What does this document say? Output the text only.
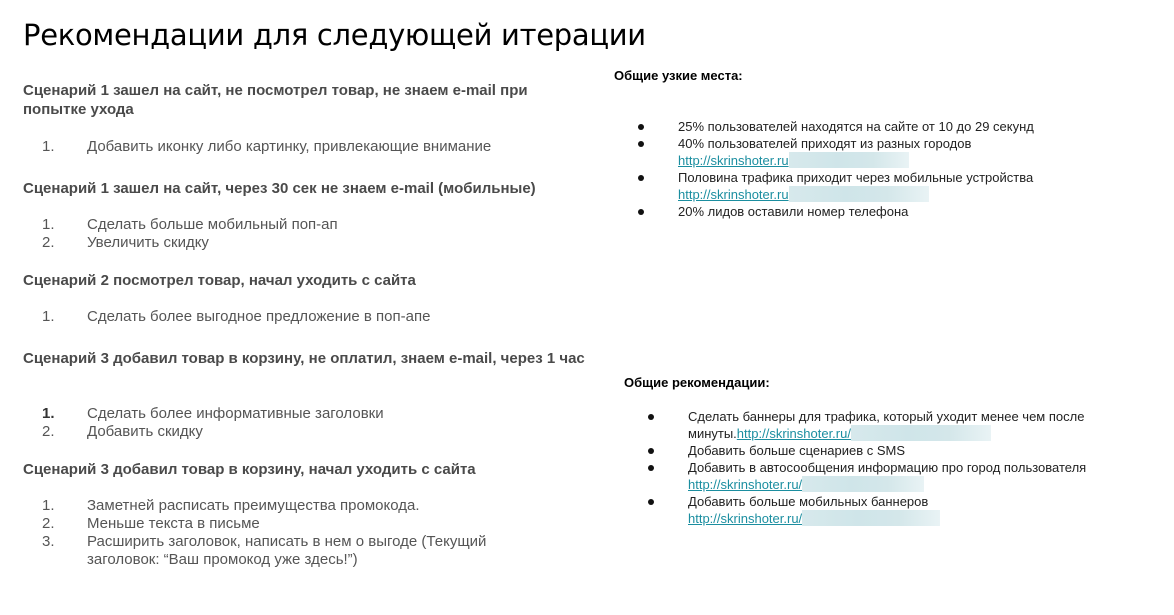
Рекомендации для следующей итерации

Сценарий 1 зашел на сайт, не посмотрел товар, не знаем e-mail при попытке ухода

1. Добавить иконку либо картинку, привлекающие внимание

Сценарий 1 зашел на сайт, через 30 сек не знаем e-mail (мобильные)

1. Сделать больше мобильный поп-ап
2. Увеличить скидку

Сценарий 2 посмотрел товар, начал уходить с сайта

1. Сделать более выгодное предложение в поп-апе

Сценарий 3 добавил товар в корзину, не оплатил, знаем e-mail, через 1 час

1. Сделать более информативные заголовки
2. Добавить скидку

Сценарий 3 добавил товар в корзину, начал уходить с сайта

1. Заметней расписать преимущества промокода.
2. Меньше текста в письме
3. Расширить заголовок, написать в нем о выгоде (Текущий заголовок: “Ваш промокод уже здесь!”)
Общие узкие места:
25% пользователей находятся на сайте от 10 до 29 секунд
40% пользователей приходят из разных городов
http://skrinshoter.ru
Половина трафика приходит через мобильные устройства
http://skrinshoter.ru
20% лидов оставили номер телефона
Общие рекомендации:
Сделать баннеры для трафика, который уходит менее чем после
минуты.http://skrinshoter.ru/
Добавить больше сценариев с SMS
Добавить в автосообщения информацию про город пользователя
http://skrinshoter.ru/
Добавить больше мобильных баннеров
http://skrinshoter.ru/
